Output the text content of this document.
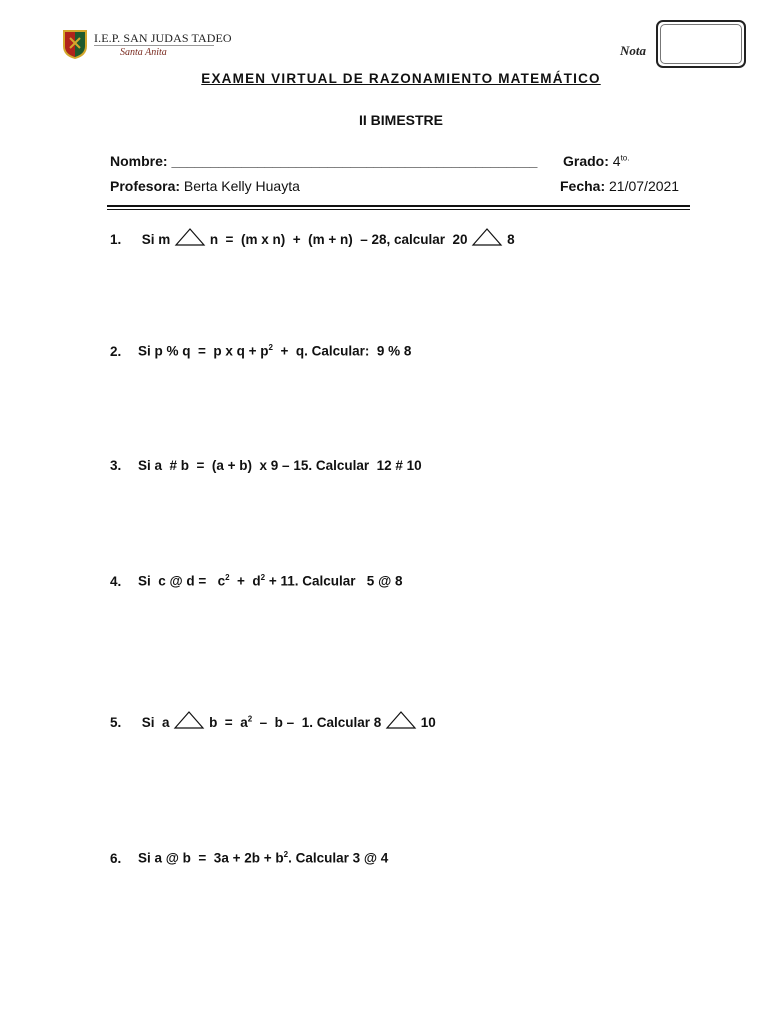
I.E.P. SAN JUDAS TADEO
Santa Anita	Nota
EXAMEN VIRTUAL DE RAZONAMIENTO MATEMÁTICO
II BIMESTRE
Nombre: _______________________________________________ Grado: $4^{to.}$
Profesora: Berta Kelly Huayta	Fecha: 21/07/2021
1. Si m	n  =  (m x n)  +  (m + n)  – 28, calcular  20	8
2. Si p % q  =  p x $q + p^2 + q$. Calcular:  9 % 8
3. Si a  # b  =  (a + b)  x 9 – 15. Calcular  12 # 10
4. Si  c @ $d = c^2 + d^2 + 11$. Calcular   5 @ 8
5. Si  a	$b = a^2 - b - 1$. Calcular 8	10
6. Si a @ $b = 3a + 2b + b^2$. Calcular 3 @ 4
